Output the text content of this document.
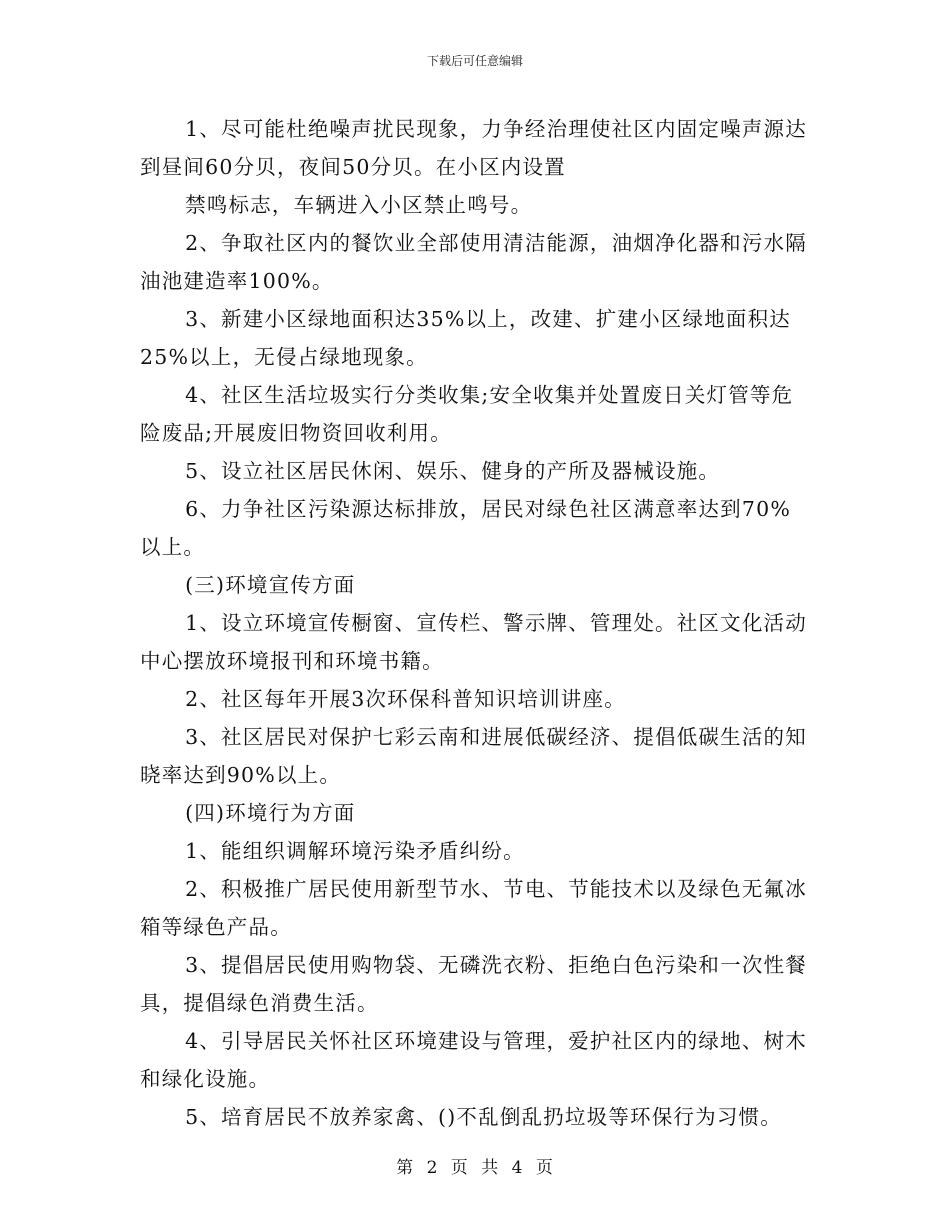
下载后可任意编辑

1、尽可能杜绝噪声扰民现象，力争经治理使社区内固定噪声源达到昼间60分贝，夜间50分贝。在小区内设置

禁鸣标志，车辆进入小区禁止鸣号。

2、争取社区内的餐饮业全部使用清洁能源，油烟净化器和污水隔油池建造率100%。

3、新建小区绿地面积达35%以上，改建、扩建小区绿地面积达25%以上，无侵占绿地现象。

4、社区生活垃圾实行分类收集;安全收集并处置废日关灯管等危险废品;开展废旧物资回收利用。

5、设立社区居民休闲、娱乐、健身的产所及器械设施。

6、力争社区污染源达标排放，居民对绿色社区满意率达到70%以上。

(三)环境宣传方面

1、设立环境宣传橱窗、宣传栏、警示牌、管理处。社区文化活动中心摆放环境报刊和环境书籍。

2、社区每年开展3次环保科普知识培训讲座。

3、社区居民对保护七彩云南和进展低碳经济、提倡低碳生活的知晓率达到90%以上。

(四)环境行为方面

1、能组织调解环境污染矛盾纠纷。

2、积极推广居民使用新型节水、节电、节能技术以及绿色无氟冰箱等绿色产品。

3、提倡居民使用购物袋、无磷洗衣粉、拒绝白色污染和一次性餐具，提倡绿色消费生活。

4、引导居民关怀社区环境建设与管理，爱护社区内的绿地、树木和绿化设施。

5、培育居民不放养家禽、()不乱倒乱扔垃圾等环保行为习惯。

第 2 页 共 4 页
